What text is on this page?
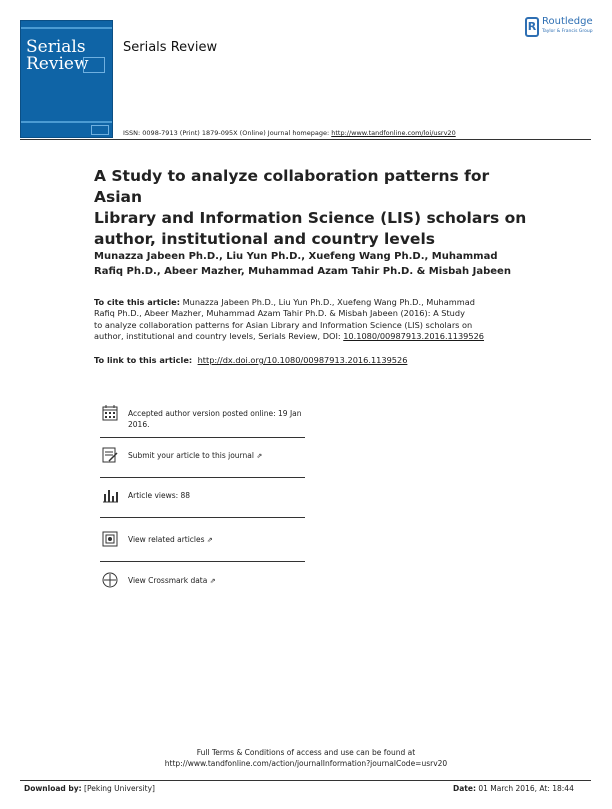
Serials
Review
Serials Review
R Routledge
Taylor & Francis Group
ISSN: 0098-7913 (Print) 1879-095X (Online) Journal homepage: http://www.tandfonline.com/loi/usrv20
A Study to analyze collaboration patterns for Asian
Library and Information Science (LIS) scholars on
author, institutional and country levels
Munazza Jabeen Ph.D., Liu Yun Ph.D., Xuefeng Wang Ph.D., Muhammad
Rafiq Ph.D., Abeer Mazher, Muhammad Azam Tahir Ph.D. & Misbah Jabeen
To cite this article: Munazza Jabeen Ph.D., Liu Yun Ph.D., Xuefeng Wang Ph.D., Muhammad
Rafiq Ph.D., Abeer Mazher, Muhammad Azam Tahir Ph.D. & Misbah Jabeen (2016): A Study
to analyze collaboration patterns for Asian Library and Information Science (LIS) scholars on
author, institutional and country levels, Serials Review, DOI: 10.1080/00987913.2016.1139526
To link to this article:  http://dx.doi.org/10.1080/00987913.2016.1139526
Accepted author version posted online: 19 Jan 2016.
Submit your article to this journal ⇗
Article views: 88
View related articles ⇗
View Crossmark data ⇗
Full Terms & Conditions of access and use can be found at
http://www.tandfonline.com/action/journalInformation?journalCode=usrv20
Download by: [Peking University]	Date: 01 March 2016, At: 18:44
